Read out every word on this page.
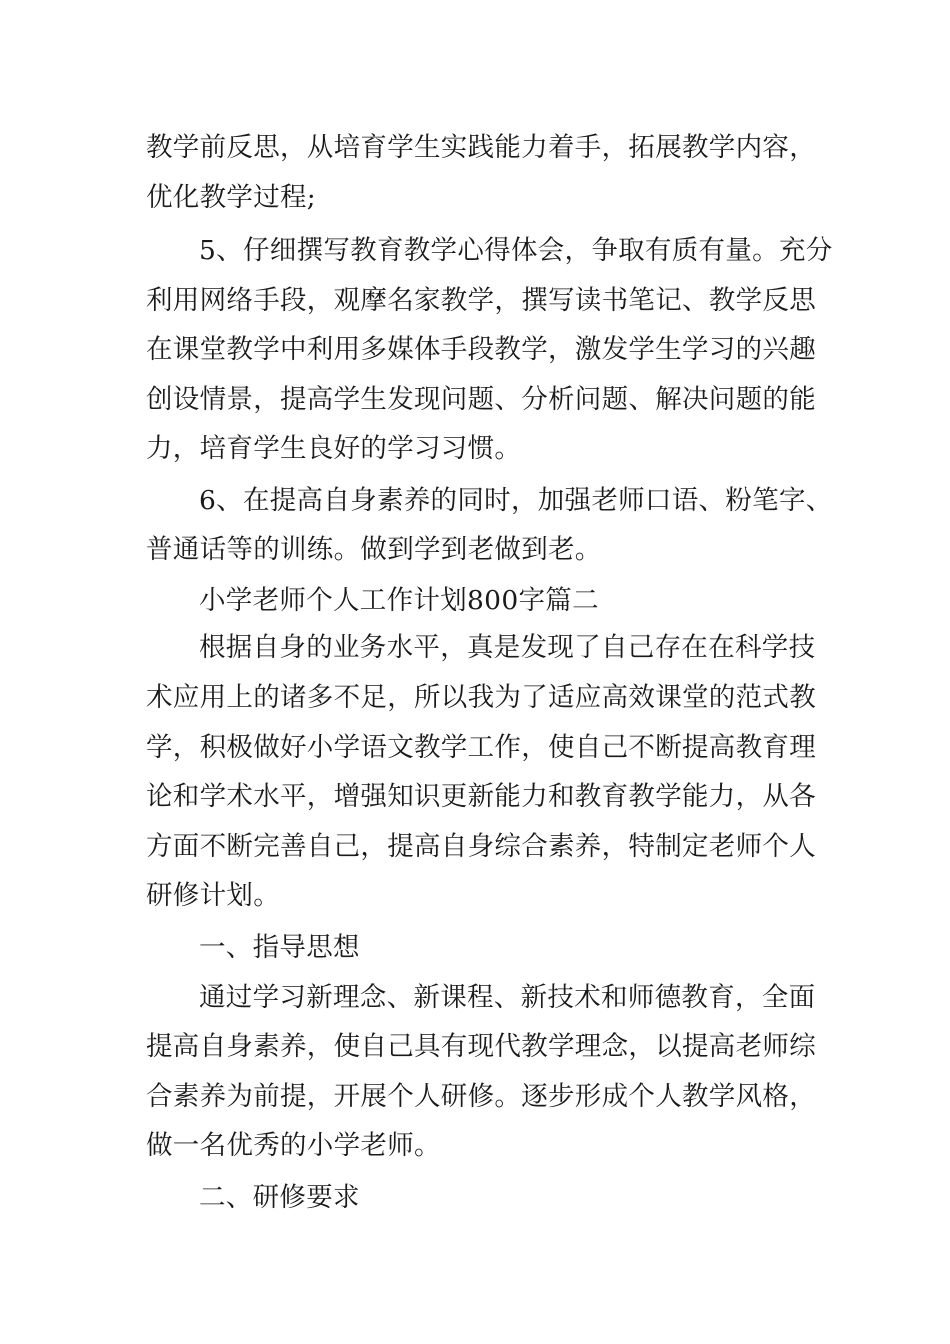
教学前反思，从培育学生实践能力着手，拓展教学内容，
优化教学过程;
5、仔细撰写教育教学心得体会，争取有质有量。充分
利用网络手段，观摩名家教学，撰写读书笔记、教学反思
在课堂教学中利用多媒体手段教学，激发学生学习的兴趣
创设情景，提高学生发现问题、分析问题、解决问题的能
力，培育学生良好的学习习惯。
6、在提高自身素养的同时，加强老师口语、粉笔字、
普通话等的训练。做到学到老做到老。
小学老师个人工作计划800字篇二
根据自身的业务水平，真是发现了自己存在在科学技
术应用上的诸多不足，所以我为了适应高效课堂的范式教
学，积极做好小学语文教学工作，使自己不断提高教育理
论和学术水平，增强知识更新能力和教育教学能力，从各
方面不断完善自己，提高自身综合素养，特制定老师个人
研修计划。
一、指导思想
通过学习新理念、新课程、新技术和师德教育，全面
提高自身素养，使自己具有现代教学理念，以提高老师综
合素养为前提，开展个人研修。逐步形成个人教学风格，
做一名优秀的小学老师。
二、研修要求
